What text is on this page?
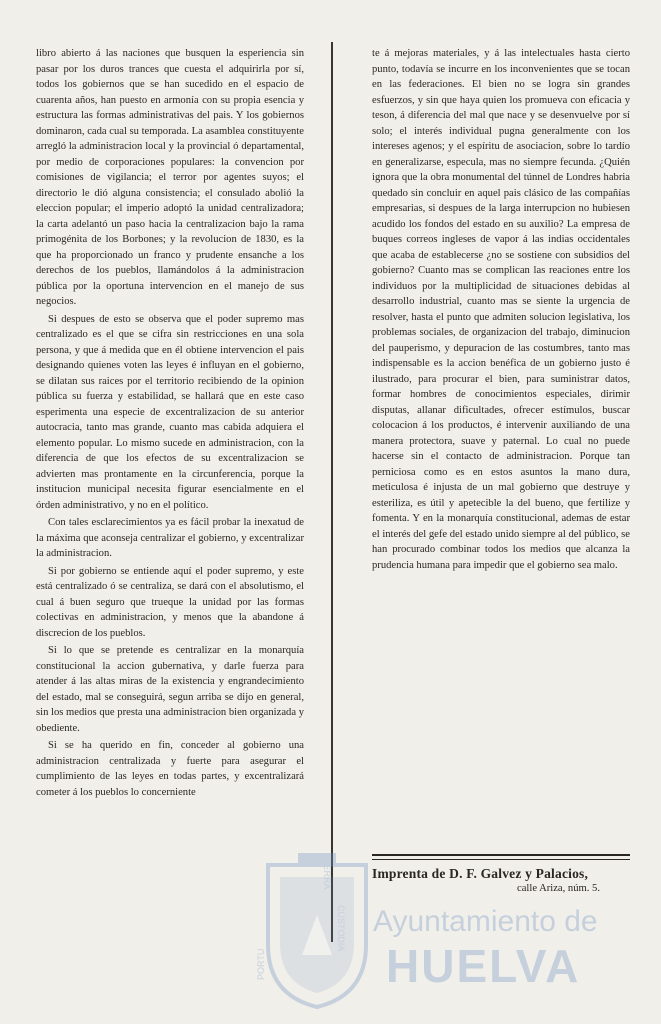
libro abierto á las naciones que busquen la esperiencia sin pasar por los duros trances que cuesta el adquirirla por sí, todos los gobiernos que se han sucedido en el espacio de cuarenta años, han puesto en armonía con su propia esencia y estructura las formas administrativas del pais. Y los gobiernos dominaron, cada cual su temporada. La asamblea constituyente arregló la administracion local y la provincial ó departamental, por medio de corporaciones populares: la convencion por comisiones de vigilancia; el terror por agentes suyos; el directorio le dió alguna consistencia; el consulado abolió la eleccion popular; el imperio adoptó la unidad centralizadora; la carta adelantó un paso hacia la centralizacion bajo la rama primogénita de los Borbones; y la revolucion de 1830, es la que ha proporcionado un franco y prudente ensanche a los derechos de los pueblos, llamándolos á la administracion pública por la oportuna intervencion en el manejo de sus negocios.

Si despues de esto se observa que el poder supremo mas centralizado es el que se cifra sin restricciones en una sola persona, y que á medida que en él obtiene intervencion el pais designando quienes voten las leyes é influyan en el gobierno, se dilatan sus raices por el territorio recibiendo de la opinion pública su fuerza y estabilidad, se hallará que en este caso esperimenta una especie de excentralizacion de su anterior autocracia, tanto mas grande, cuanto mas cabida adquiera el elemento popular. Lo mismo sucede en administracion, con la diferencia de que los efectos de su excentralizacion se advierten mas prontamente en la circunferencia, porque la institucion municipal necesita figurar esencialmente en el órden administrativo, y no en el político.

Con tales esclarecimientos ya es fácil probar la inexatud de la máxima que aconseja centralizar el gobierno, y excentralizar la administracion.

Si por gobierno se entiende aquí el poder supremo, y este está centralizado ó se centraliza, se dará con el absolutismo, el cual á buen seguro que trueque la unidad por las formas colectivas en administracion, y menos que la abandone á discrecion de los pueblos.

Si lo que se pretende es centralizar en la monarquía constitucional la accion gubernativa, y darle fuerza para atender á las altas miras de la existencia y engrandecimiento del estado, mal se conseguirá, segun arriba se dijo en general, sin los medios que presta una administracion bien organizada y obediente.

Si se ha querido en fin, conceder al gobierno una administracion centralizada y fuerte para asegurar el cumplimiento de las leyes en todas partes, y excentralizará cometer á los pueblos lo concerniente

te á mejoras materiales, y á las intelectuales hasta cierto punto, todavía se incurre en los inconvenientes que se tocan en las federaciones. El bien no se logra sin grandes esfuerzos, y sin que haya quien los promueva con eficacia y teson, á diferencia del mal que nace y se desenvuelve por sí solo; el interés individual pugna generalmente con los intereses agenos; y el espíritu de asociacion, sobre lo tardío en generalizarse, especula, mas no siempre fecunda. ¿Quién ignora que la obra monumental del túnnel de Londres habria quedado sin concluir en aquel pais clásico de las compañías empresarias, si despues de la larga interrupcion no hubiesen acudido los fondos del estado en su auxilio? La empresa de buques correos ingleses de vapor á las indias occidentales que acaba de establecerse ¿no se sostiene con subsidios del gobierno? Cuanto mas se complican las reaciones entre los individuos por la multiplicidad de situaciones debidas al desarrollo industrial, cuanto mas se siente la urgencia de resolver, hasta el punto que admiten solucion legislativa, los problemas sociales, de organizacion del trabajo, diminucion del pauperismo, y depuracion de las costumbres, tanto mas indispensable es la accion benéfica de un gobierno justo é ilustrado, para procurar el bien, para suministrar datos, formar hombres de conocimientos especiales, dirimir disputas, allanar dificultades, ofrecer estímulos, buscar colocacion á los productos, é intervenir auxiliando de una manera protectora, suave y paternal. Lo cual no puede hacerse sin el contacto de administracion. Porque tan perniciosa como es en estos asuntos la mano dura, meticulosa é injusta de un mal gobierno que destruye y esteriliza, es útil y apetecible la del bueno, que fertilize y fomenta. Y en la monarquía constitucional, ademas de estar el interés del gefe del estado unido siempre al del público, se han procurado combinar todos los medios que alcanza la prudencia humana para impedir que el gobierno sea malo.

Imprenta de D. F. Galvez y Palacios,
calle Ariza, núm. 5.
PORTU
TERRA
CUSTODIA Ayuntamiento de
HUELVA
